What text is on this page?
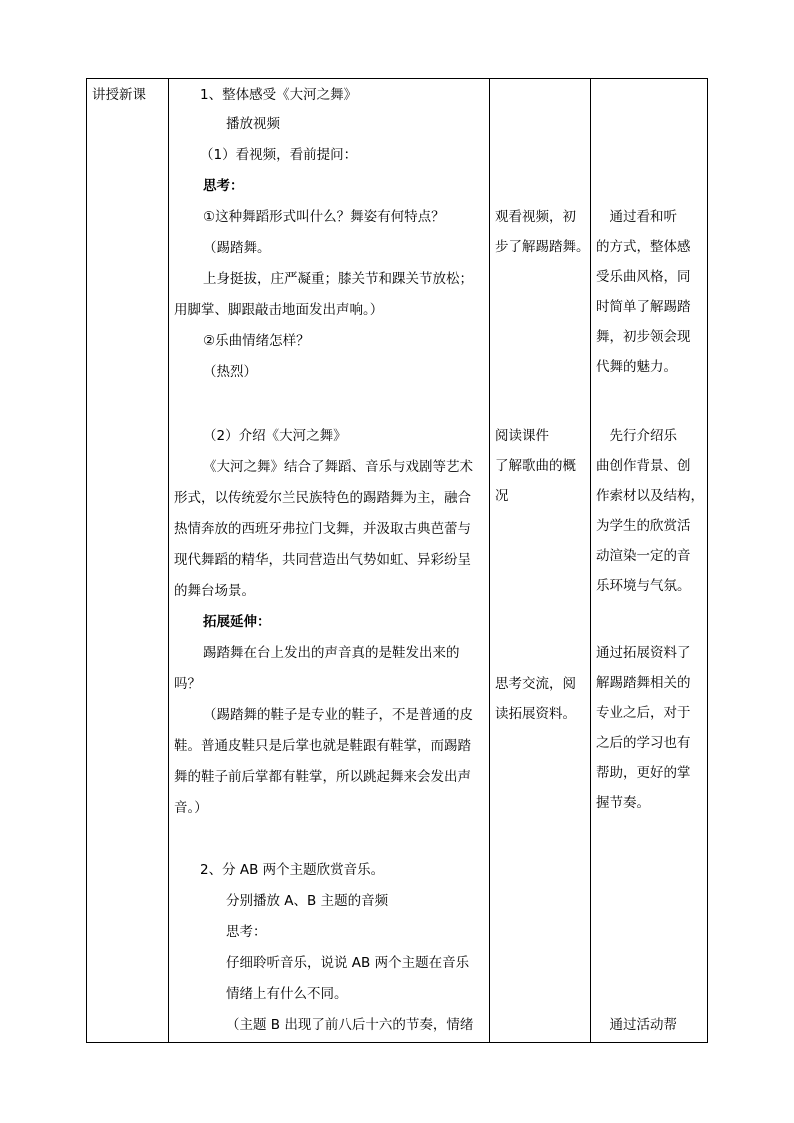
讲授新课	1、整体感受《大河之舞》
播放视频
（1）看视频，看前提问：
思考：
①这种舞蹈形式叫什么？舞姿有何特点？
（踢踏舞。
上身挺拔，庄严凝重；膝关节和踝关节放松；
用脚掌、脚跟敲击地面发出声响。）
②乐曲情绪怎样？
（热烈）
（2）介绍《大河之舞》
《大河之舞》结合了舞蹈、音乐与戏剧等艺术
形式，以传统爱尔兰民族特色的踢踏舞为主，融合
热情奔放的西班牙弗拉门戈舞，并汲取古典芭蕾与
现代舞蹈的精华，共同营造出气势如虹、异彩纷呈
的舞台场景。
拓展延伸：
踢踏舞在台上发出的声音真的是鞋发出来的
吗？
（踢踏舞的鞋子是专业的鞋子，不是普通的皮
鞋。普通皮鞋只是后掌也就是鞋跟有鞋掌，而踢踏
舞的鞋子前后掌都有鞋掌，所以跳起舞来会发出声
音。）
2、分 AB 两个主题欣赏音乐。
分别播放 A、B 主题的音频
思考：
仔细聆听音乐，说说 AB 两个主题在音乐
情绪上有什么不同。
（主题 B 出现了前八后十六的节奏，情绪
观看视频，初
步了解踢踏舞。
阅读课件
了解歌曲的概
况
思考交流，阅
读拓展资料。
　通过看和听
的方式，整体感
受乐曲风格，同
时简单了解踢踏
舞，初步领会现
代舞的魅力。
　先行介绍乐
曲创作背景、创
作索材以及结构，
为学生的欣赏活
动渲染一定的音
乐环境与气氛。
通过拓展资料了
解踢踏舞相关的
专业之后，对于
之后的学习也有
帮助，更好的掌
握节奏。
　通过活动帮
